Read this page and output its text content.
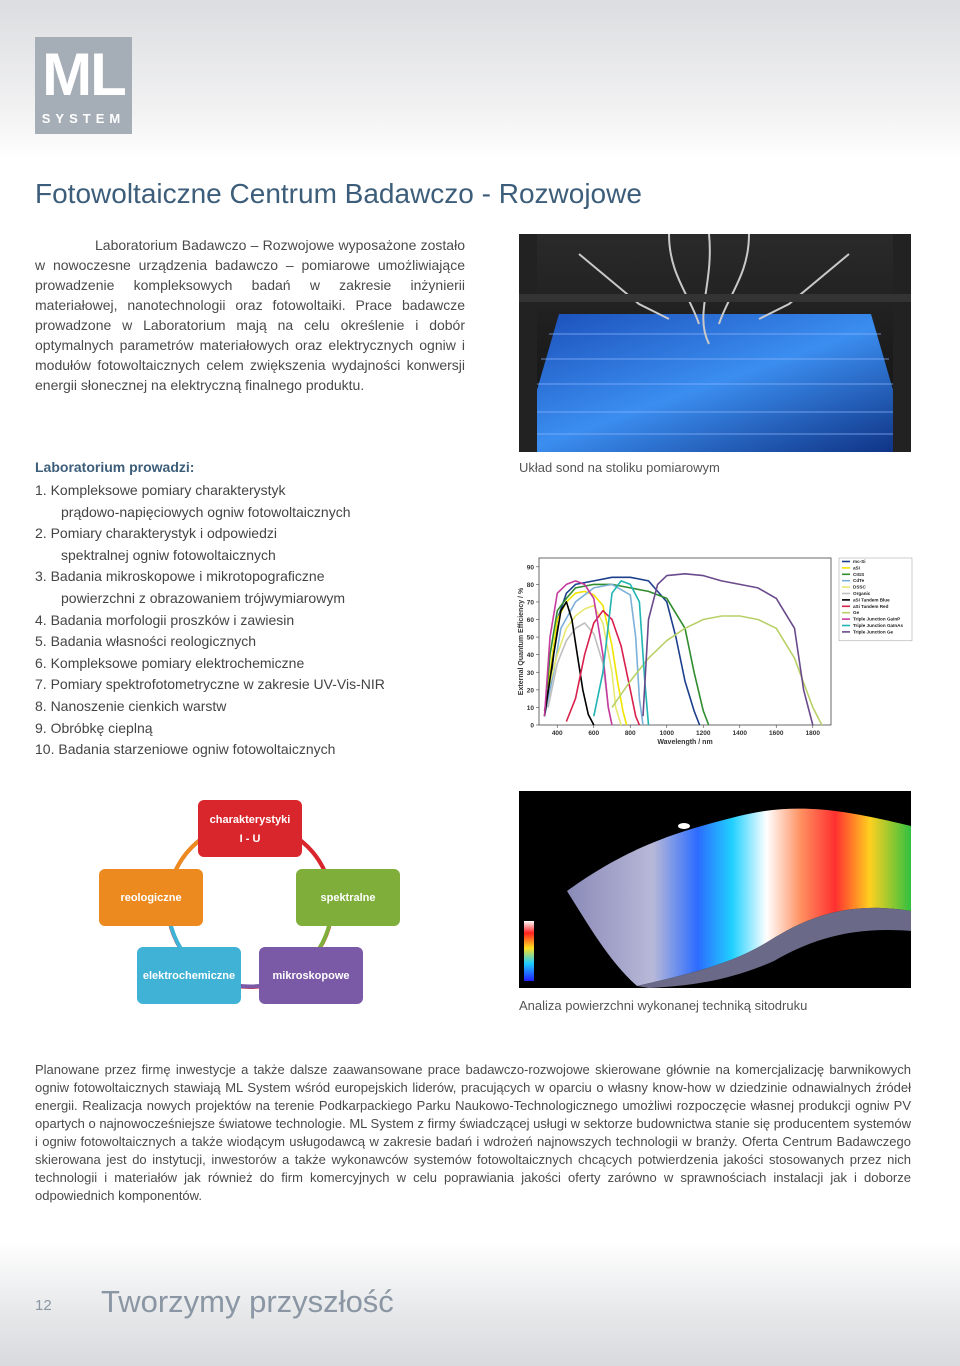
ML
SYSTEM
Fotowoltaiczne Centrum Badawczo - Rozwojowe

Laboratorium Badawczo – Rozwojowe wyposażone zostało w nowoczesne urządzenia badawczo – pomiarowe umożliwiające prowadzenie kompleksowych badań w zakresie inżynierii materiałowej, nanotechnologii oraz fotowoltaiki. Prace badawcze prowadzone w Laboratorium mają na celu określenie i dobór optymalnych parametrów materiałowych oraz elektrycznych ogniw i modułów fotowoltaicznych celem zwiększenia wydajności konwersji energii słonecznej na elektryczną finalnego produktu.

Układ sond na stoliku pomiarowym
Laboratorium prowadzi:
1. Kompleksowe pomiary charakterystyk
prądowo-napięciowych ogniw fotowoltaicznych
2. Pomiary charakterystyk i odpowiedzi
spektralnej ogniw fotowoltaicznych
3. Badania mikroskopowe i mikrotopograficzne
powierzchni z obrazowaniem trójwymiarowym
4. Badania morfologii proszków i zawiesin
5. Badania własności reologicznych
6. Kompleksowe pomiary elektrochemiczne
7. Pomiary spektrofotometryczne w zakresie UV-Vis-NIR
8. Nanoszenie cienkich warstw
9. Obróbkę cieplną
10. Badania starzeniowe ogniw fotowoltaicznych
0
10
20
30
40
50
60
70
80
90
400	600	800	1000	1200	1400	1600	1800
Wavelength / nm
External Quantum Efficiency / %
mc-Si
aSi
CIGS
CdTe
DSSC
Organic
aSi Tandem Blue
aSi Tandem Red
Ge
Triple Junction GaInP
Triple Junction GaInAs
Triple Junction Ge
charakterystyki
I - U
spektralne
mikroskopowe
elektrochemiczne
reologiczne
Analiza powierzchni wykonanej techniką sitodruku

Planowane przez firmę inwestycje a także dalsze zaawansowane prace badawczo-rozwojowe skierowane głównie na komercjalizację barwnikowych ogniw fotowoltaicznych stawiają ML System wśród europejskich liderów, pracujących w oparciu o własny know-how w dziedzinie odnawialnych źródeł energii. Realizacja nowych projektów na terenie Podkarpackiego Parku Naukowo-Technologicznego umożliwi rozpoczęcie własnej produkcji ogniw PV opartych o najnowocześniejsze światowe technologie. ML System z firmy świadczącej usługi w sektorze budownictwa stanie się producentem systemów i ogniw fotowoltaicznych a także wiodącym usługodawcą w zakresie badań i wdrożeń najnowszych technologii w branży. Oferta Centrum Badawczego skierowana jest do instytucji, inwestorów a także wykonawców systemów fotowoltaicznych chcących potwierdzenia jakości stosowanych przez nich technologii i materiałów jak również do firm komercyjnych w celu poprawiania jakości oferty zarówno w sprawnościach instalacji jak i doborze odpowiednich komponentów.

12 Tworzymy przyszłość
